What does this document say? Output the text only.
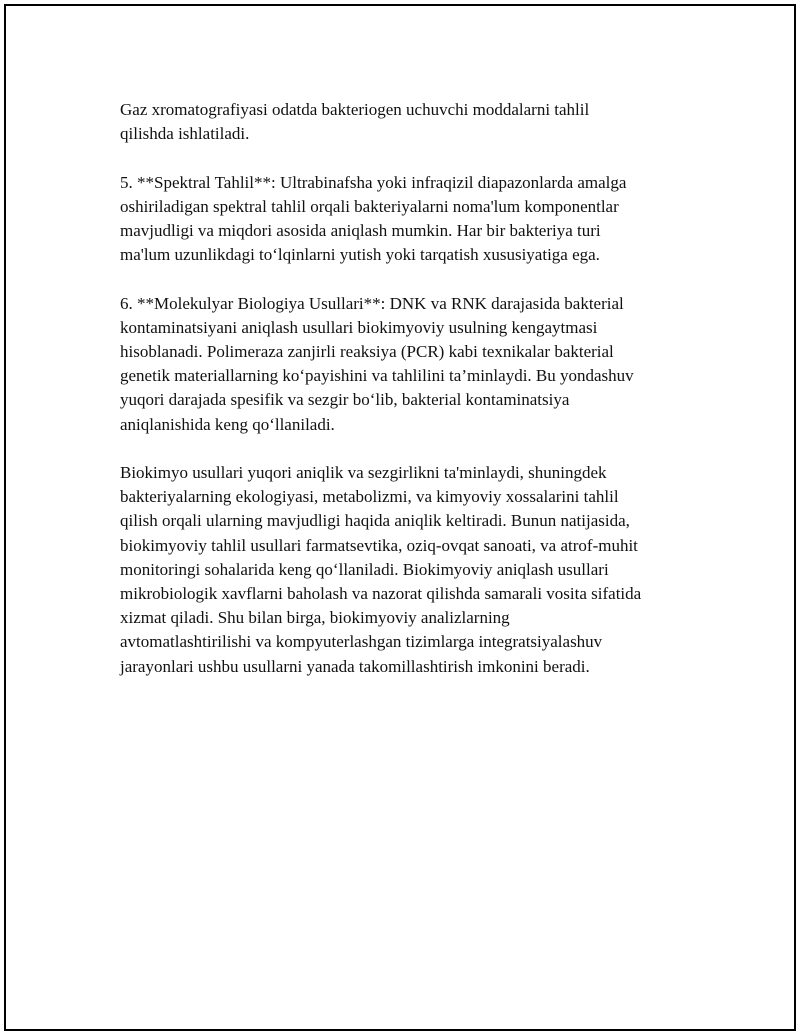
Gaz xromatografiyasi odatda bakteriogen uchuvchi moddalarni tahlil
qilishda ishlatiladi.

5. **Spektral Tahlil**: Ultrabinafsha yoki infraqizil diapazonlarda amalga
oshiriladigan spektral tahlil orqali bakteriyalarni noma'lum komponentlar
mavjudligi va miqdori asosida aniqlash mumkin. Har bir bakteriya turi
ma'lum uzunlikdagi to‘lqinlarni yutish yoki tarqatish xususiyatiga ega.

6. **Molekulyar Biologiya Usullari**: DNK va RNK darajasida bakterial
kontaminatsiyani aniqlash usullari biokimyoviy usulning kengaytmasi
hisoblanadi. Polimeraza zanjirli reaksiya (PCR) kabi texnikalar bakterial
genetik materiallarning ko‘payishini va tahlilini ta’minlaydi. Bu yondashuv
yuqori darajada spesifik va sezgir bo‘lib, bakterial kontaminatsiya
aniqlanishida keng qo‘llaniladi.

Biokimyo usullari yuqori aniqlik va sezgirlikni ta'minlaydi, shuningdek
bakteriyalarning ekologiyasi, metabolizmi, va kimyoviy xossalarini tahlil
qilish orqali ularning mavjudligi haqida aniqlik keltiradi. Bunun natijasida,
biokimyoviy tahlil usullari farmatsevtika, oziq-ovqat sanoati, va atrof-muhit
monitoringi sohalarida keng qo‘llaniladi. Biokimyoviy aniqlash usullari
mikrobiologik xavflarni baholash va nazorat qilishda samarali vosita sifatida
xizmat qiladi. Shu bilan birga, biokimyoviy analizlarning
avtomatlashtirilishi va kompyuterlashgan tizimlarga integratsiyalashuv
jarayonlari ushbu usullarni yanada takomillashtirish imkonini beradi.
